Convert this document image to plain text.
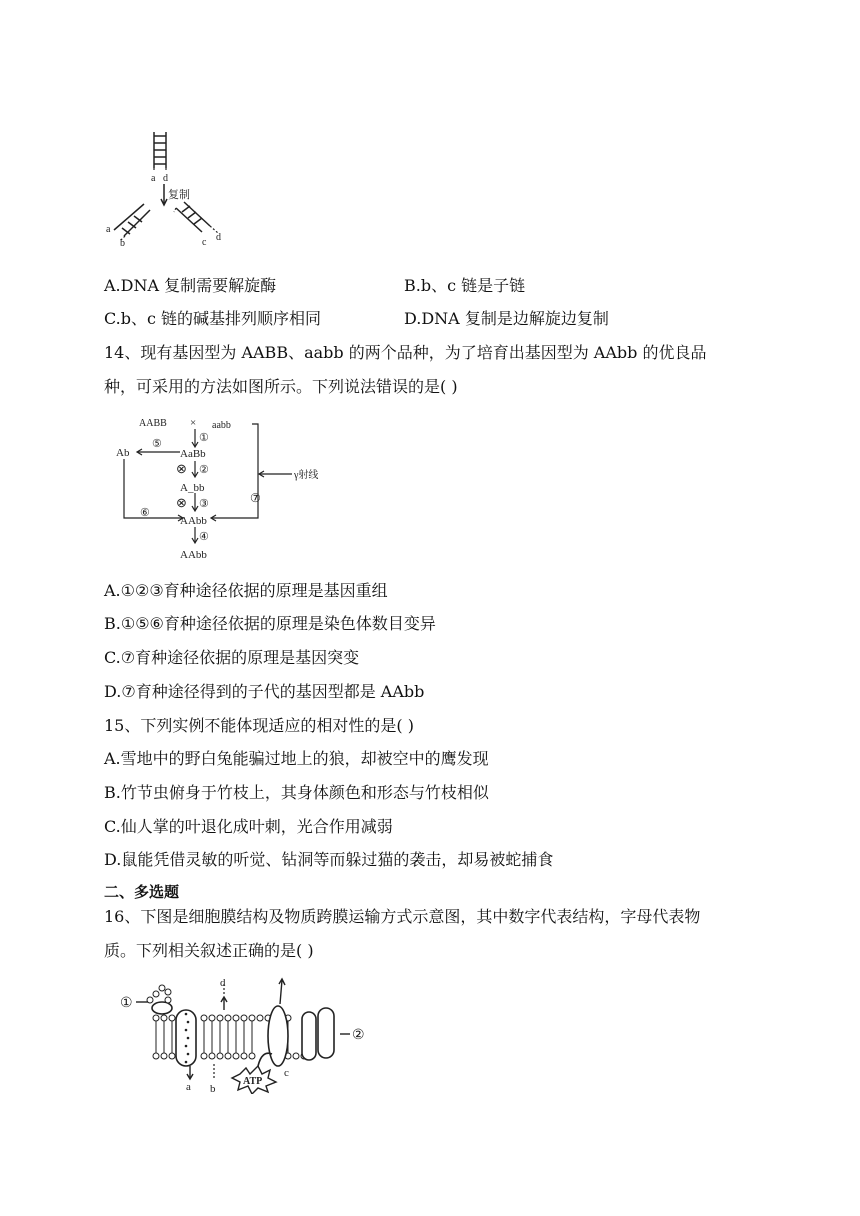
a d
复制
a
b	c d
A.DNA 复制需要解旋酶	B.b、c 链是子链
C.b、c 链的碱基排列顺序相同	D.DNA 复制是边解旋边复制
14、现有基因型为 AABB、aabb 的两个品种，为了培育出基因型为 AAbb 的优良品
种，可采用的方法如图所示。下列说法错误的是( )
AABB × aabb
①
AaBb
⊗ ②
A_bb
⊗ ③
AAbb
④
AAbb
Ab
⑤
⑥
⑦
γ射线
A.①②③育种途径依据的原理是基因重组
B.①⑤⑥育种途径依据的原理是染色体数目变异
C.⑦育种途径依据的原理是基因突变
D.⑦育种途径得到的子代的基因型都是 AAbb
15、下列实例不能体现适应的相对性的是( )
A.雪地中的野白兔能骗过地上的狼，却被空中的鹰发现
B.竹节虫俯身于竹枝上，其身体颜色和形态与竹枝相似
C.仙人掌的叶退化成叶刺，光合作用减弱
D.鼠能凭借灵敏的听觉、钻洞等而躲过猫的袭击，却易被蛇捕食
二、多选题
16、下图是细胞膜结构及物质跨膜运输方式示意图，其中数字代表结构，字母代表物
质。下列相关叙述正确的是( )
ATP
①
②
a b
c
d
